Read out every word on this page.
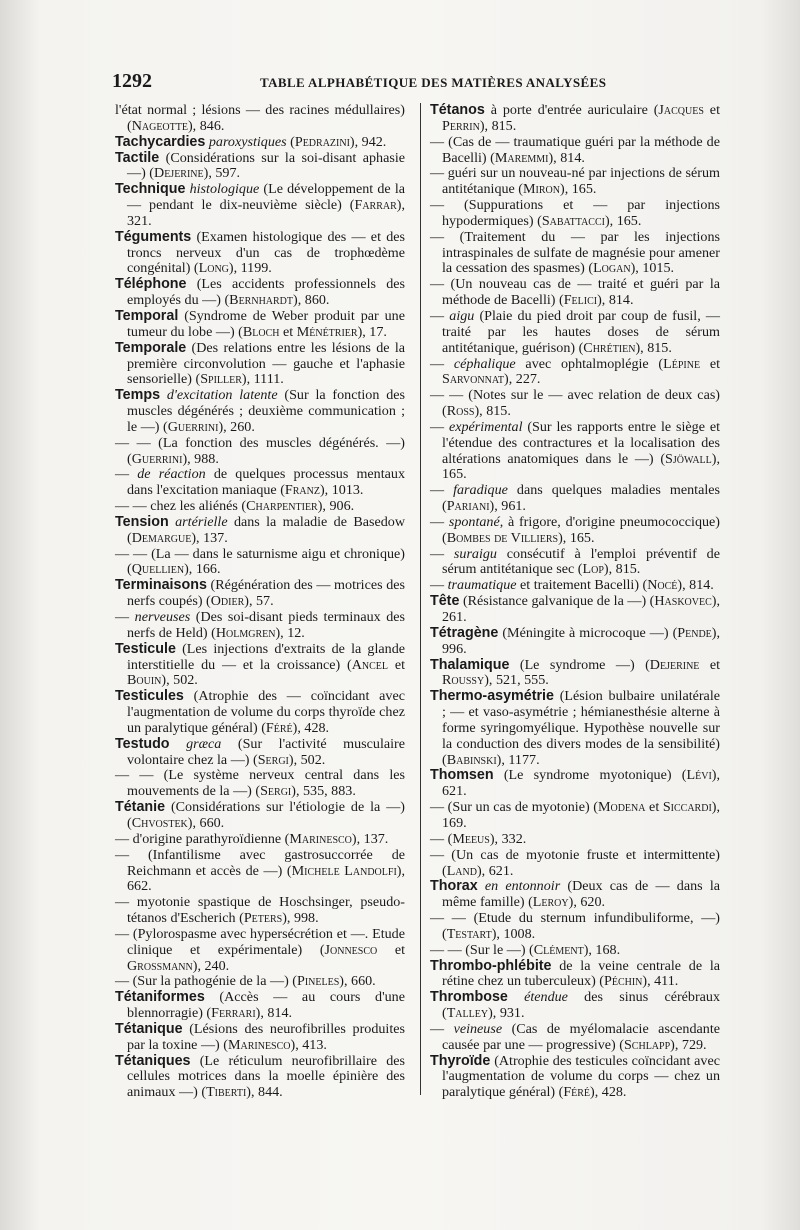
1292	TABLE ALPHABÉTIQUE DES MATIÈRES ANALYSÉES

l'état normal ; lésions — des racines médullaires) (Nageotte), 846.

Tachycardies paroxystiques (Pedrazini), 942.

Tactile (Considérations sur la soi-disant aphasie —) (Dejerine), 597.

Technique histologique (Le développement de la — pendant le dix-neuvième siècle) (Farrar), 321.

Téguments (Examen histologique des — et des troncs nerveux d'un cas de trophœdème congénital) (Long), 1199.

Téléphone (Les accidents professionnels des employés du —) (Bernhardt), 860.

Temporal (Syndrome de Weber produit par une tumeur du lobe —) (Bloch et Ménétrier), 17.

Temporale (Des relations entre les lésions de la première circonvolution — gauche et l'aphasie sensorielle) (Spiller), 1111.

Temps d'excitation latente (Sur la fonction des muscles dégénérés ; deuxième communication ; le —) (Guerrini), 260.

— — (La fonction des muscles dégénérés. —) (Guerrini), 988.

— de réaction de quelques processus mentaux dans l'excitation maniaque (Franz), 1013.

— — chez les aliénés (Charpentier), 906.

Tension artérielle dans la maladie de Basedow (Demargue), 137.

— — (La — dans le saturnisme aigu et chronique) (Quellien), 166.

Terminaisons (Régénération des — motrices des nerfs coupés) (Odier), 57.

— nerveuses (Des soi-disant pieds terminaux des nerfs de Held) (Holmgren), 12.

Testicule (Les injections d'extraits de la glande interstitielle du — et la croissance) (Ancel et Bouin), 502.

Testicules (Atrophie des — coïncidant avec l'augmentation de volume du corps thyroïde chez un paralytique général) (Féré), 428.

Testudo græca (Sur l'activité musculaire volontaire chez la —) (Sergi), 502.

— — (Le système nerveux central dans les mouvements de la —) (Sergi), 535, 883.

Tétanie (Considérations sur l'étiologie de la —) (Chvostek), 660.

— d'origine parathyroïdienne (Marinesco), 137.

— (Infantilisme avec gastrosuccorrée de Reichmann et accès de —) (Michele Landolfi), 662.

— myotonie spastique de Hoschsinger, pseudo-tétanos d'Escherich (Peters), 998.

— (Pylorospasme avec hypersécrétion et —. Etude clinique et expérimentale) (Jonnesco et Grossmann), 240.

— (Sur la pathogénie de la —) (Pineles), 660.

Tétaniformes (Accès — au cours d'une blennorragie) (Ferrari), 814.

Tétanique (Lésions des neurofibrilles produites par la toxine —) (Marinesco), 413.

Tétaniques (Le réticulum neurofibrillaire des cellules motrices dans la moelle épinière des animaux —) (Tiberti), 844.

Tétanos à porte d'entrée auriculaire (Jacques et Perrin), 815.

— (Cas de — traumatique guéri par la méthode de Bacelli) (Maremmi), 814.

— guéri sur un nouveau-né par injections de sérum antitétanique (Miron), 165.

— (Suppurations et — par injections hypodermiques) (Sabattacci), 165.

— (Traitement du — par les injections intraspinales de sulfate de magnésie pour amener la cessation des spasmes) (Logan), 1015.

— (Un nouveau cas de — traité et guéri par la méthode de Bacelli) (Felici), 814.

— aigu (Plaie du pied droit par coup de fusil, — traité par les hautes doses de sérum antitétanique, guérison) (Chrétien), 815.

— céphalique avec ophtalmoplégie (Lépine et Sarvonnat), 227.

— — (Notes sur le — avec relation de deux cas) (Ross), 815.

— expérimental (Sur les rapports entre le siège et l'étendue des contractures et la localisation des altérations anatomiques dans le —) (Sjöwall), 165.

— faradique dans quelques maladies mentales (Pariani), 961.

— spontané, à frigore, d'origine pneumococcique) (Bombes de Villiers), 165.

— suraigu consécutif à l'emploi préventif de sérum antitétanique sec (Lop), 815.

— traumatique et traitement Bacelli) (Nocé), 814.

Tête (Résistance galvanique de la —) (Haskovec), 261.

Tétragène (Méningite à microcoque —) (Pende), 996.

Thalamique (Le syndrome —) (Dejerine et Roussy), 521, 555.

Thermo-asymétrie (Lésion bulbaire unilatérale ; — et vaso-asymétrie ; hémianesthésie alterne à forme syringomyélique. Hypothèse nouvelle sur la conduction des divers modes de la sensibilité) (Babinski), 1177.

Thomsen (Le syndrome myotonique) (Lévi), 621.

— (Sur un cas de myotonie) (Modena et Siccardi), 169.

— (Meeus), 332.

— (Un cas de myotonie fruste et intermittente) (Land), 621.

Thorax en entonnoir (Deux cas de — dans la même famille) (Leroy), 620.

— — (Etude du sternum infundibuliforme, —) (Testart), 1008.

— — (Sur le —) (Clément), 168.

Thrombo-phlébite de la veine centrale de la rétine chez un tuberculeux) (Péchin), 411.

Thrombose étendue des sinus cérébraux (Talley), 931.

— veineuse (Cas de myélomalacie ascendante causée par une — progressive) (Schlapp), 729.

Thyroïde (Atrophie des testicules coïncidant avec l'augmentation de volume du corps — chez un paralytique général) (Féré), 428.
